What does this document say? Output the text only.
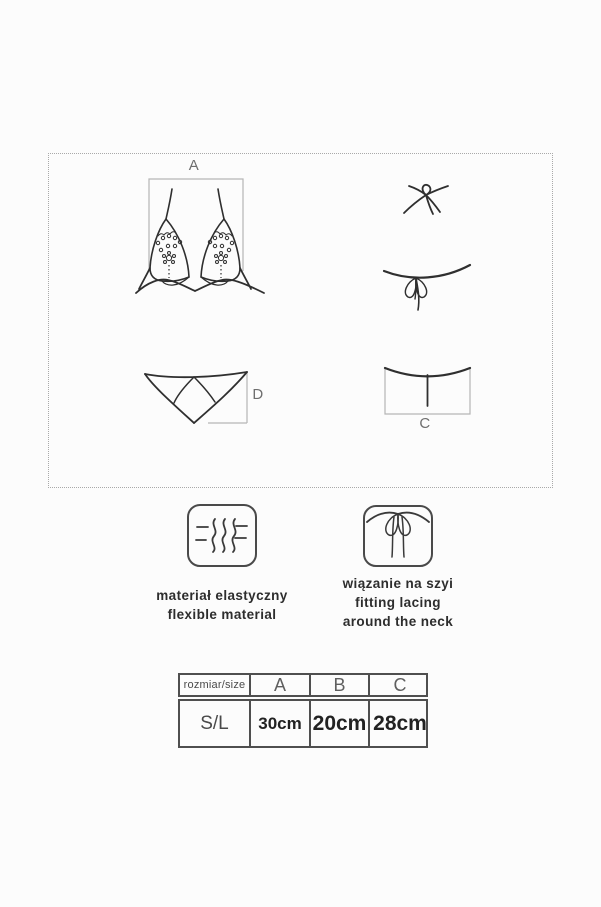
A
D
C
materiał elastyczny
flexible material
wiązanie na szyi
fitting lacing
around the neck
rozmiar/size	A	B	C
S/L	30cm 20cm 28cm
